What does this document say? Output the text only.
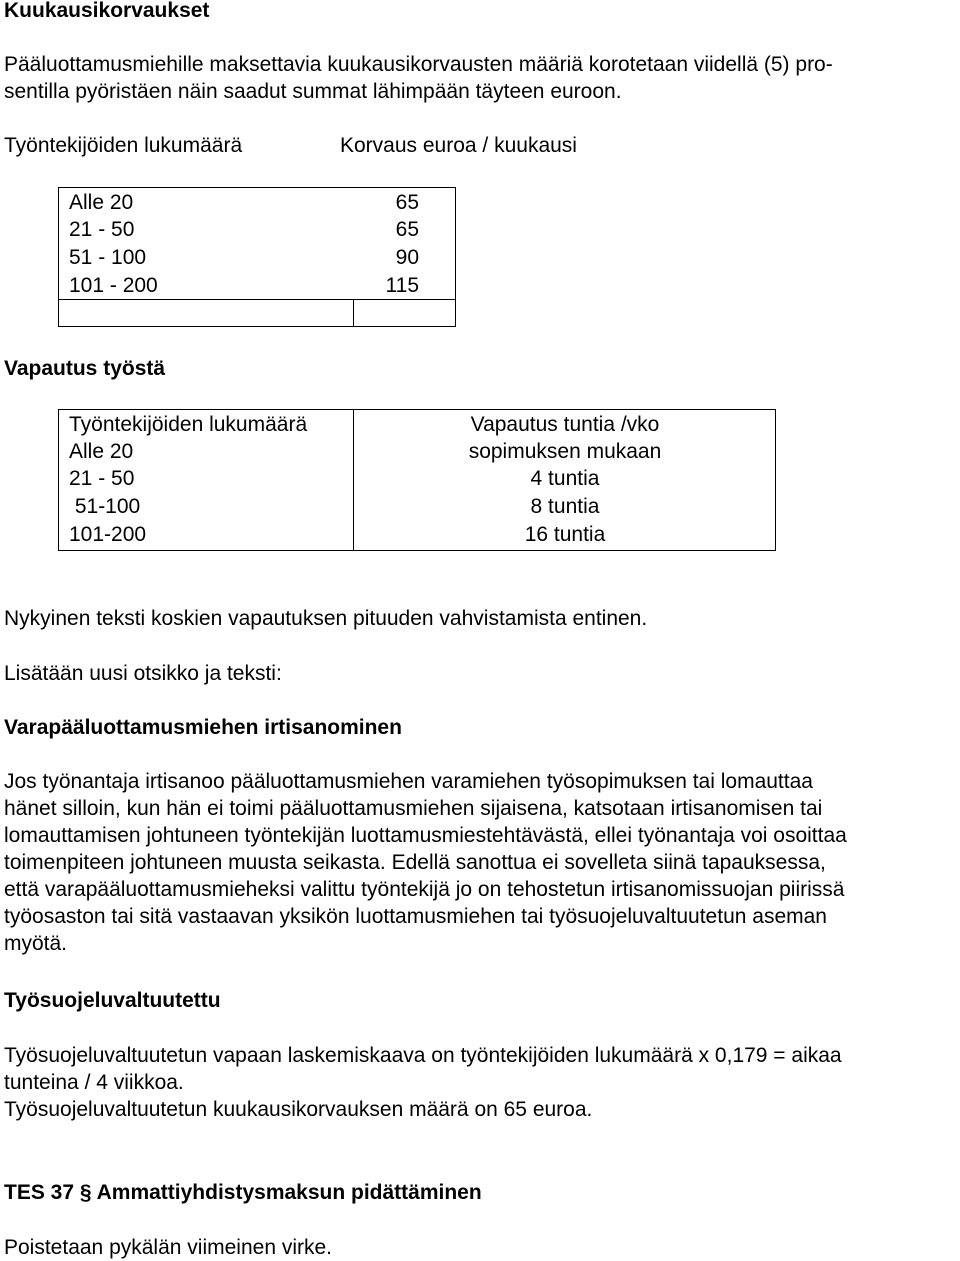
Kuukausikorvaukset
Pääluottamusmiehille maksettavia kuukausikorvausten määriä korotetaan viidellä (5) pro-
sentilla pyöristäen näin saadut summat lähimpään täyteen euroon.
Työntekijöiden lukumäärä	Korvaus euroa / kuukausi
Alle 20	65
21 - 50	65
51 - 100	90
101 - 200	115
Vapautus työstä
Työntekijöiden lukumäärä	Vapautus tuntia /vko
Alle 20	sopimuksen mukaan
21 - 50	4 tuntia
51-100	8 tuntia
101-200	16 tuntia
Nykyinen teksti koskien vapautuksen pituuden vahvistamista entinen.
Lisätään uusi otsikko ja teksti:
Varapääluottamusmiehen irtisanominen
Jos työnantaja irtisanoo pääluottamusmiehen varamiehen työsopimuksen tai lomauttaa
hänet silloin, kun hän ei toimi pääluottamusmiehen sijaisena, katsotaan irtisanomisen tai
lomauttamisen johtuneen työntekijän luottamusmiestehtävästä, ellei työnantaja voi osoittaa
toimenpiteen johtuneen muusta seikasta. Edellä sanottua ei sovelleta siinä tapauksessa,
että varapääluottamusmieheksi valittu työntekijä jo on tehostetun irtisanomissuojan piirissä
työosaston tai sitä vastaavan yksikön luottamusmiehen tai työsuojeluvaltuutetun aseman
myötä.
Työsuojeluvaltuutettu
Työsuojeluvaltuutetun vapaan laskemiskaava on työntekijöiden lukumäärä x 0,179 = aikaa
tunteina / 4 viikkoa.
Työsuojeluvaltuutetun kuukausikorvauksen määrä on 65 euroa.
TES 37 § Ammattiyhdistysmaksun pidättäminen
Poistetaan pykälän viimeinen virke.
